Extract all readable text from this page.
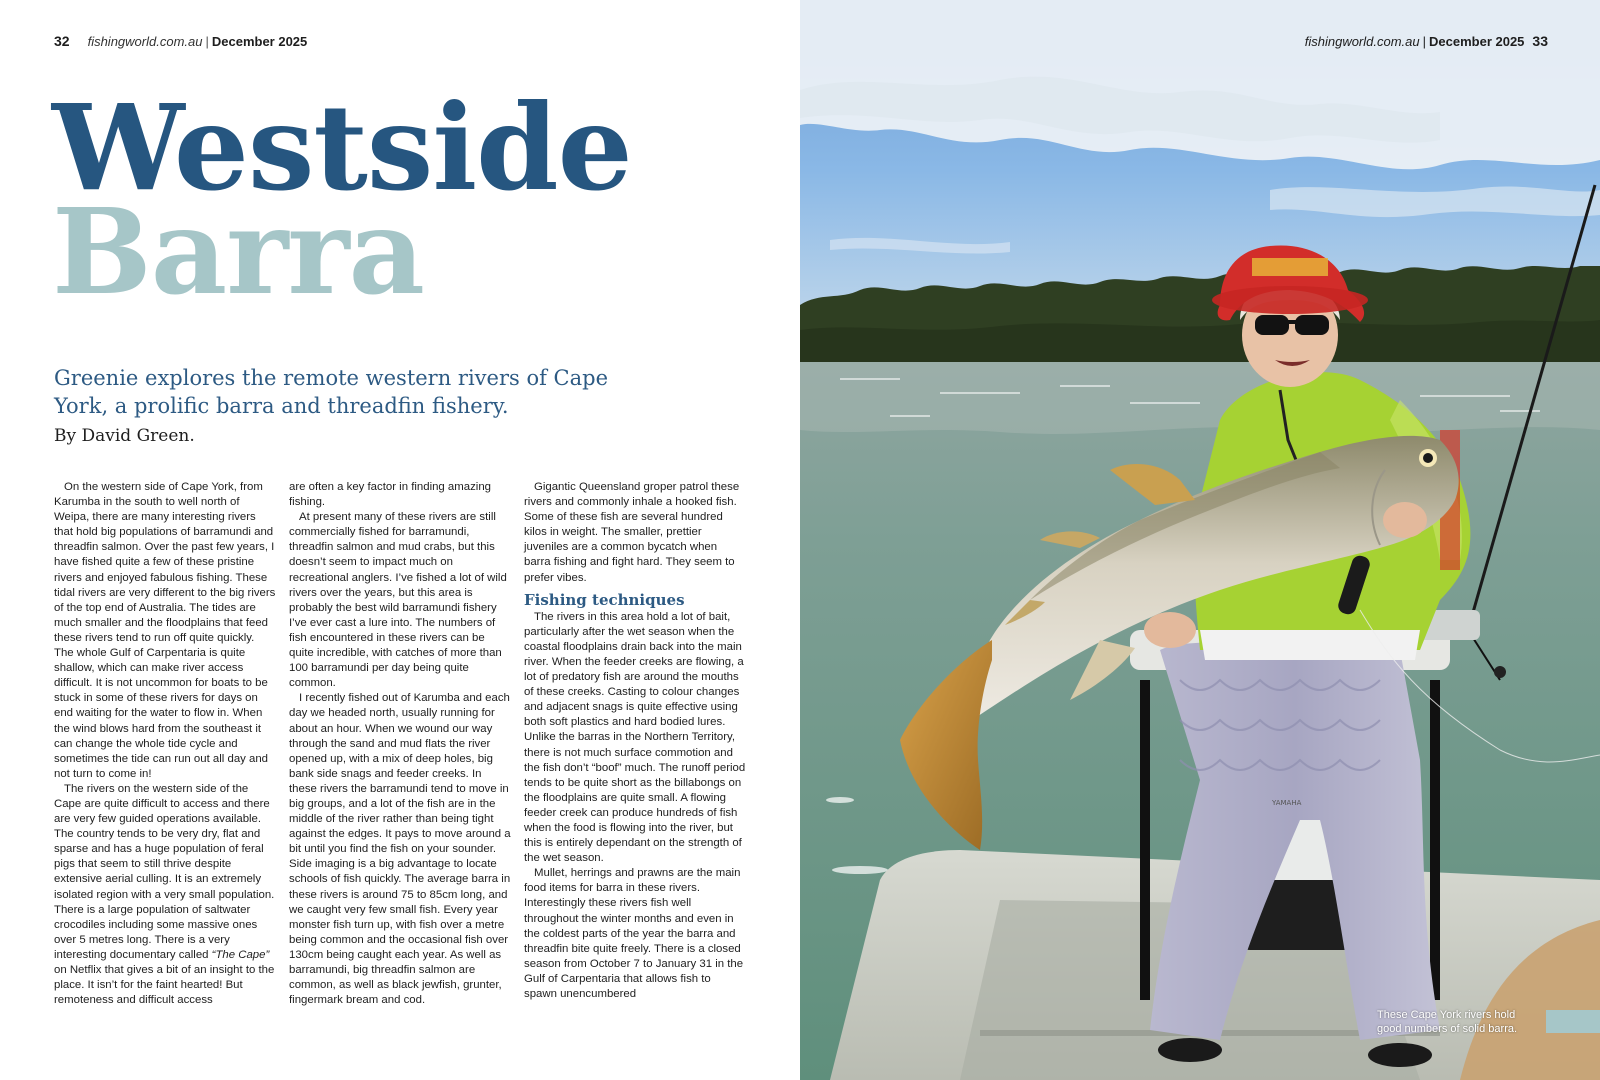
32 fishingworld.com.au | December 2025
Westside
Barra

Greenie explores the remote western rivers of Cape York, a prolific barra and threadfin fishery.

By David Green.

On the western side of Cape York, from Karumba in the south to well north of Weipa, there are many interesting rivers that hold big populations of barramundi and threadfin salmon. Over the past few years, I have fished quite a few of these pristine rivers and enjoyed fabulous fishing. These tidal rivers are very different to the big rivers of the top end of Australia. The tides are much smaller and the floodplains that feed these rivers tend to run off quite quickly. The whole Gulf of Carpentaria is quite shallow, which can make river access difficult. It is not uncommon for boats to be stuck in some of these rivers for days on end waiting for the water to flow in. When the wind blows hard from the southeast it can change the whole tide cycle and sometimes the tide can run out all day and not turn to come in!

The rivers on the western side of the Cape are quite difficult to access and there are very few guided operations available. The country tends to be very dry, flat and sparse and has a huge population of feral pigs that seem to still thrive despite extensive aerial culling. It is an extremely isolated region with a very small population. There is a large population of saltwater crocodiles including some massive ones over 5 metres long. There is a very interesting documentary called “The Cape” on Netflix that gives a bit of an insight to the place. It isn’t for the faint hearted! But remoteness and difficult access

are often a key factor in finding amazing fishing.

At present many of these rivers are still commercially fished for barramundi, threadfin salmon and mud crabs, but this doesn’t seem to impact much on recreational anglers. I’ve fished a lot of wild rivers over the years, but this area is probably the best wild barramundi fishery I’ve ever cast a lure into. The numbers of fish encountered in these rivers can be quite incredible, with catches of more than 100 barramundi per day being quite common.

I recently fished out of Karumba and each day we headed north, usually running for about an hour. When we wound our way through the sand and mud flats the river opened up, with a mix of deep holes, big bank side snags and feeder creeks. In these rivers the barramundi tend to move in big groups, and a lot of the fish are in the middle of the river rather than being tight against the edges. It pays to move around a bit until you find the fish on your sounder. Side imaging is a big advantage to locate schools of fish quickly. The average barra in these rivers is around 75 to 85cm long, and we caught very few small fish. Every year monster fish turn up, with fish over a metre being common and the occasional fish over 130cm being caught each year. As well as barramundi, big threadfin salmon are common, as well as black jewfish, grunter, fingermark bream and cod.

Gigantic Queensland groper patrol these rivers and commonly inhale a hooked fish. Some of these fish are several hundred kilos in weight. The smaller, prettier juveniles are a common bycatch when barra fishing and fight hard. They seem to prefer vibes.

Fishing techniques

The rivers in this area hold a lot of bait, particularly after the wet season when the coastal floodplains drain back into the main river. When the feeder creeks are flowing, a lot of predatory fish are around the mouths of these creeks. Casting to colour changes and adjacent snags is quite effective using both soft plastics and hard bodied lures. Unlike the barras in the Northern Territory, there is not much surface commotion and the fish don’t “boof” much. The runoff period tends to be quite short as the billabongs on the floodplains are quite small. A flowing feeder creek can produce hundreds of fish when the food is flowing into the river, but this is entirely dependant on the strength of the wet season.

Mullet, herrings and prawns are the main food items for barra in these rivers. Interestingly these rivers fish well throughout the winter months and even in the coldest parts of the year the barra and threadfin bite quite freely. There is a closed season from October 7 to January 31 in the Gulf of Carpentaria that allows fish to spawn unencumbered

YAMAHA
fishingworld.com.au | December 2025 33
These Cape York rivers hold good numbers of solid barra.
